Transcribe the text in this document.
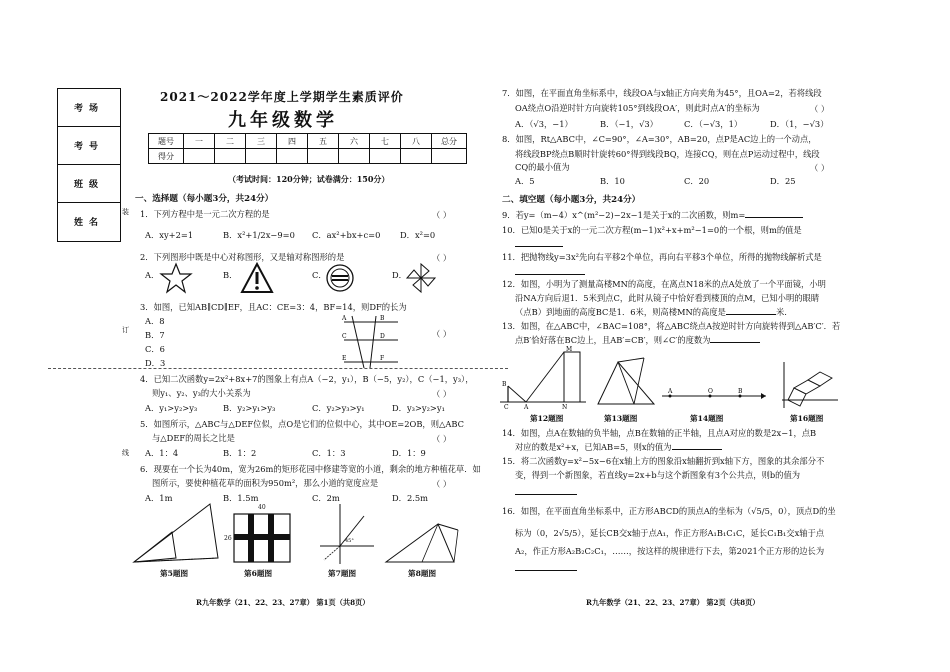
考场
考号
班级
姓名
装
订
线
2021～2022学年度上学期学生素质评价
九年级数学
题号	一	二	三	四	五	六	七	八	总分
得分									
（考试时间：120分钟；试卷满分：150分）
一、选择题（每小题3分，共24分）
1．下列方程中是一元二次方程的是	（ ）
A．xy+2=1	B．x²+1/2x−9=0 C．ax²+bx+c=0 D．x²=0
2．下列图形中既是中心对称图形，又是轴对称图形的是	（ ）
A．	B．	C．	D．
3．如图，已知AB∥CD∥EF，且AC：CE=3：4，BF=14，则DF的长为
（ ）
A．8
B．7
C．6
D．3
A	B
C	D
E	F
4．已知二次函数y=2x²+8x+7的图象上有点A（−2，y₁），B（−5，y₂），C（−1，y₃），
则y₁、y₂、y₃的大小关系为	（ ）
A．y₁>y₂>y₃	B．y₂>y₁>y₃	C．y₂>y₃>y₁	D．y₃>y₂>y₁
5．如图所示，△ABC与△DEF位似，点O是它们的位似中心，其中OE=2OB，则△ABC
与△DEF的周长之比是	（ ）
A．1：4	B．1：2	C．1：3	D．1：9
6．现要在一个长为40m，宽为26m的矩形花园中修建等宽的小道，剩余的地方种植花草．如
图所示，要使种植花草的面积为950m²，那么小道的宽度应是	（ ）
A．1m	B．1.5m	C．2m	D．2.5m
第5题图
40
26
第6题图
45°
第7题图	第8题图
R九年数学（21、22、23、27章） 第1页（共8页）
7．如图，在平面直角坐标系中，线段OA与x轴正方向夹角为45°，且OA=2，若将线段
OA绕点O沿逆时针方向旋转105°到线段OA′，则此时点A′的坐标为	（ ）
A．（√3，−1）	B．（−1，√3）	C．（−√3，1）	D．（1，−√3）
8．如图，Rt△ABC中，∠C=90°，∠A=30°，AB=20，点P是AC边上的一个动点，
将线段BP绕点B顺时针旋转60°得到线段BQ，连接CQ，则在点P运动过程中，线段
CQ的最小值为	（ ）
A．5	B．10	C．20	D．25
二、填空题（每小题3分，共24分）
9．若y=（m−4）x^(m²−2)−2x−1是关于x的二次函数，则m=
10．已知0是关于x的一元二次方程(m−1)x²+x+m²−1=0的一个根，则m的值是
11．把抛物线y=3x²先向右平移2个单位，再向右平移3个单位，所得的抛物线解析式是
12．如图，小明为了测量高楼MN的高度，在离点N18米的点A处放了一个平面镜，小明
沿NA方向后退1．5米到点C，此时从镜子中恰好看到楼顶的点M，已知小明的眼睛
（点B）到地面的高度BC是1．6米，则高楼MN的高度是	米.
13．如图，在△ABC中，∠BAC=108°，将△ABC绕点A按逆时针方向旋转得到△AB′C′．若
点B′恰好落在BC边上，且AB′=CB′，则∠C′的度数为
M
B
C	A	N
第12题图	第13题图
A	O	B
第14题图	第16题图
14．如图，点A在数轴的负半轴，点B在数轴的正半轴，且点A对应的数是2x−1，点B
对应的数是x²+x，已知AB=5，则x的值为
15．将二次函数y=x²−5x−6在x轴上方的图象沿x轴翻折到x轴下方，图象的其余部分不
变，得到一个新图象，若直线y=2x+b与这个新图象有3个公共点，则b的值为
16．如图，在平面直角坐标系中，正方形ABCD的顶点A的坐标为（√5/5，0），顶点D的坐
标为（0，2√5/5），延长CB交x轴于点A₁，作正方形A₁B₁C₁C，延长C₁B₁交x轴于点
A₂，作正方形A₂B₂C₂C₁，……，按这样的规律进行下去，第2021个正方形的边长为
R九年数学（21、22、23、27章） 第2页（共8页）
